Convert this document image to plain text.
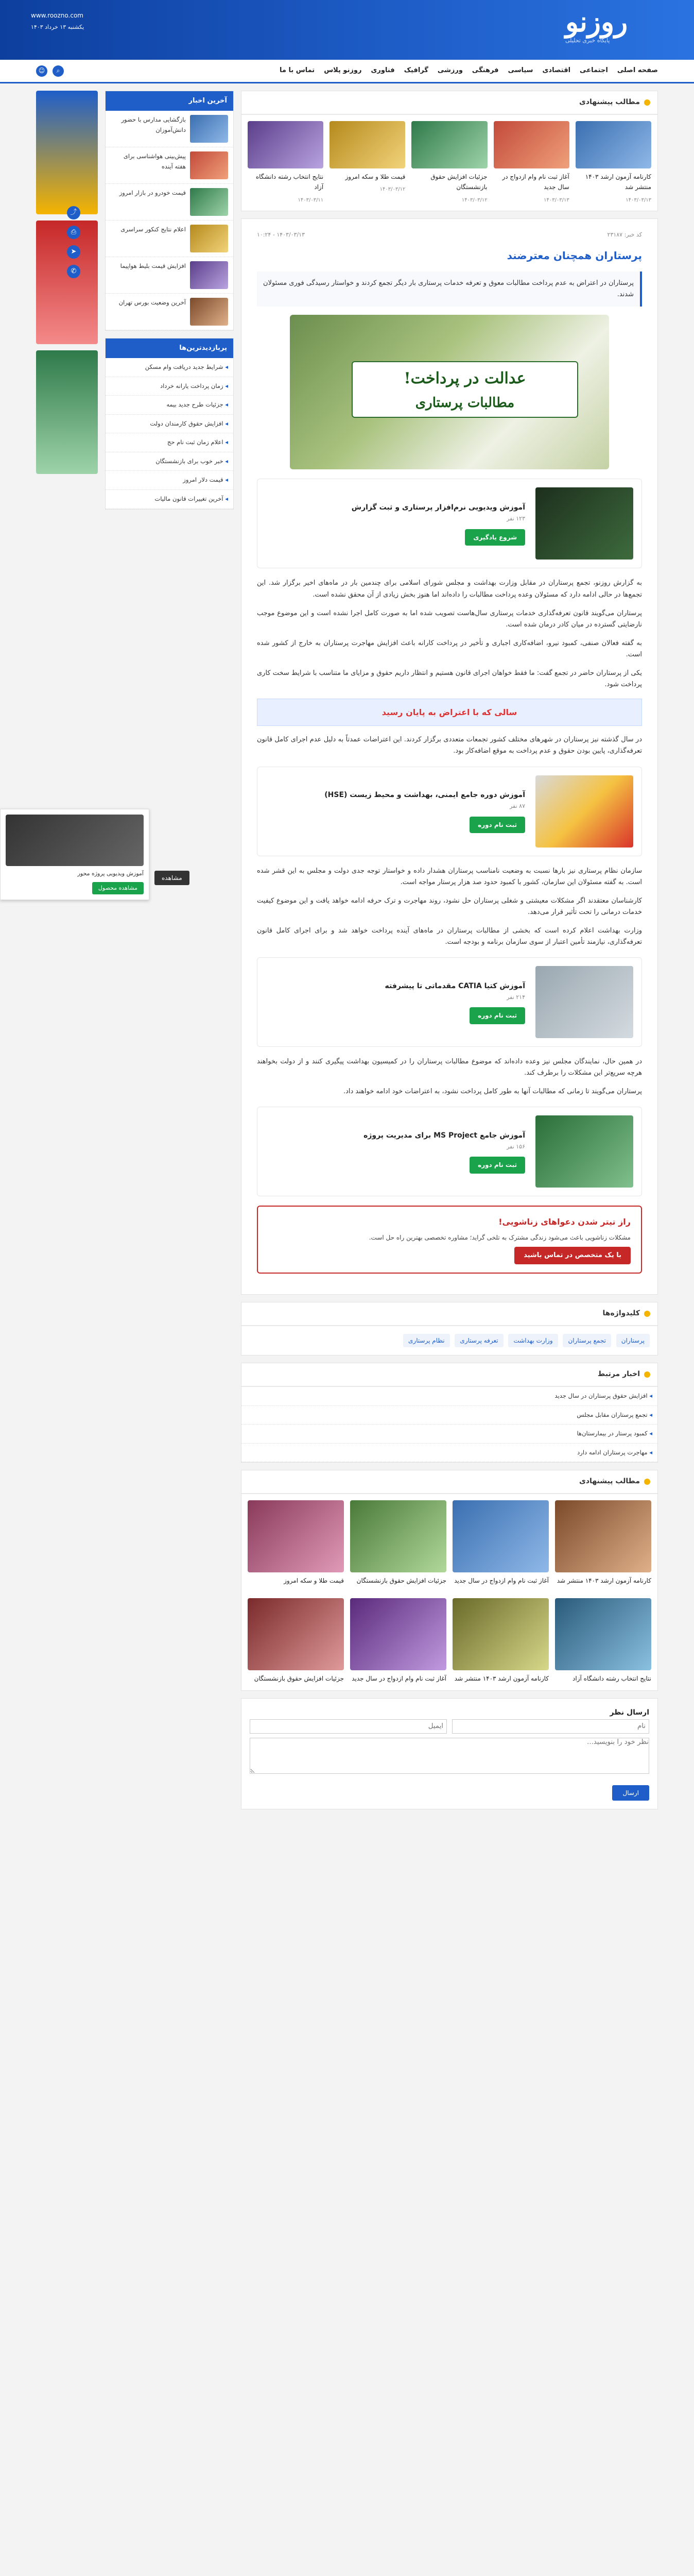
روزنو
پایگاه خبری تحلیلی
www.roozno.com
یکشنبه ۱۳ خرداد ۱۴۰۳
صفحه اصلی
اجتماعی
اقتصادی
سیاسی
فرهنگی
ورزشی
گرافیک
فناوری
روزنو پلاس
تماس با ما
⌕
☺
⤴
⎙
➤
✆
مطالب پیشنهادی
کارنامه آزمون ارشد ۱۴۰۳ منتشر شد
۱۴۰۳/۰۳/۱۳
آغاز ثبت نام وام ازدواج در سال جدید
۱۴۰۳/۰۳/۱۳
جزئیات افزایش حقوق بازنشستگان
۱۴۰۳/۰۳/۱۲
قیمت طلا و سکه امروز
۱۴۰۳/۰۳/۱۲
نتایج انتخاب رشته دانشگاه آزاد
۱۴۰۳/۰۳/۱۱
کد خبر: ۲۳۱۸۷
۱۴۰۳/۰۳/۱۳ - ۱۰:۲۴
پرستاران همچنان معترضند
پرستاران در اعتراض به عدم پرداخت مطالبات معوق و تعرفه خدمات پرستاری بار دیگر تجمع کردند و خواستار رسیدگی فوری مسئولان شدند.
عدالت در پرداخت!
مطالبات پرستاری
آموزش ویدیویی نرم‌افزار پرستاری و ثبت گزارش
۱۲۳ نفر
شروع یادگیری

به گزارش روزنو، تجمع پرستاران در مقابل وزارت بهداشت و مجلس شورای اسلامی برای چندمین بار در ماه‌های اخیر برگزار شد. این تجمع‌ها در حالی ادامه دارد که مسئولان وعده پرداخت مطالبات را داده‌اند اما هنوز بخش زیادی از آن محقق نشده است.

پرستاران می‌گویند قانون تعرفه‌گذاری خدمات پرستاری سال‌هاست تصویب شده اما به صورت کامل اجرا نشده است و این موضوع موجب نارضایتی گسترده در میان کادر درمان شده است.

به گفته فعالان صنفی، کمبود نیرو، اضافه‌کاری اجباری و تأخیر در پرداخت کارانه باعث افزایش مهاجرت پرستاران به خارج از کشور شده است.

یکی از پرستاران حاضر در تجمع گفت: ما فقط خواهان اجرای قانون هستیم و انتظار داریم حقوق و مزایای ما متناسب با شرایط سخت کاری پرداخت شود.

سالی که با اعتراض به پایان رسید

در سال گذشته نیز پرستاران در شهرهای مختلف کشور تجمعات متعددی برگزار کردند. این اعتراضات عمدتاً به دلیل عدم اجرای کامل قانون تعرفه‌گذاری، پایین بودن حقوق و عدم پرداخت به موقع اضافه‌کار بود.

آموزش دوره جامع ایمنی، بهداشت و محیط زیست (HSE)
۸۷ نفر
ثبت نام دوره

سازمان نظام پرستاری نیز بارها نسبت به وضعیت نامناسب پرستاران هشدار داده و خواستار توجه جدی دولت و مجلس به این قشر شده است. به گفته مسئولان این سازمان، کشور با کمبود حدود صد هزار پرستار مواجه است.

کارشناسان معتقدند اگر مشکلات معیشتی و شغلی پرستاران حل نشود، روند مهاجرت و ترک حرفه ادامه خواهد یافت و این موضوع کیفیت خدمات درمانی را تحت تأثیر قرار می‌دهد.

وزارت بهداشت اعلام کرده است که بخشی از مطالبات پرستاران در ماه‌های آینده پرداخت خواهد شد و برای اجرای کامل قانون تعرفه‌گذاری، نیازمند تأمین اعتبار از سوی سازمان برنامه و بودجه است.

آموزش کتیا CATIA مقدماتی تا پیشرفته
۲۱۴ نفر
ثبت نام دوره

در همین حال، نمایندگان مجلس نیز وعده داده‌اند که موضوع مطالبات پرستاران را در کمیسیون بهداشت پیگیری کنند و از دولت بخواهند هرچه سریع‌تر این مشکلات را برطرف کند.

پرستاران می‌گویند تا زمانی که مطالبات آنها به طور کامل پرداخت نشود، به اعتراضات خود ادامه خواهند داد.

آموزش جامع MS Project برای مدیریت پروژه
۱۵۶ نفر
ثبت نام دوره
راز تیتر شدن دعواهای زناشویی!
مشکلات زناشویی باعث می‌شود زندگی مشترک به تلخی گراید؛ مشاوره تخصصی بهترین راه حل است.
با یک متخصص در تماس باشید
کلیدواژه‌ها
پرستاران تجمع پرستاران وزارت بهداشت تعرفه پرستاری نظام پرستاری
اخبار مرتبط
◂ افزایش حقوق پرستاران در سال جدید
◂ تجمع پرستاران مقابل مجلس
◂ کمبود پرستار در بیمارستان‌ها
◂ مهاجرت پرستاران ادامه دارد
مطالب پیشنهادی
کارنامه آزمون ارشد ۱۴۰۳ منتشر شد
آغاز ثبت نام وام ازدواج در سال جدید
جزئیات افزایش حقوق بازنشستگان
قیمت طلا و سکه امروز
نتایج انتخاب رشته دانشگاه آزاد
کارنامه آزمون ارشد ۱۴۰۳ منتشر شد
آغاز ثبت نام وام ازدواج در سال جدید
جزئیات افزایش حقوق بازنشستگان
ارسال نظر
نام
ایمیل
نظر خود را بنویسید... ارسال
آخرین اخبار
بازگشایی مدارس با حضور دانش‌آموزان
پیش‌بینی هواشناسی برای هفته آینده
قیمت خودرو در بازار امروز
اعلام نتایج کنکور سراسری
افزایش قیمت بلیط هواپیما
آخرین وضعیت بورس تهران
پربازدیدترین‌ها
◂ شرایط جدید دریافت وام مسکن
◂ زمان پرداخت یارانه خرداد
◂ جزئیات طرح جدید بیمه
◂ افزایش حقوق کارمندان دولت
◂ اعلام زمان ثبت نام حج
◂ خبر خوب برای بازنشستگان
◂ قیمت دلار امروز
◂ آخرین تغییرات قانون مالیات
آموزش ویدیویی پروژه محور
مشاهده محصول
مشاهده
